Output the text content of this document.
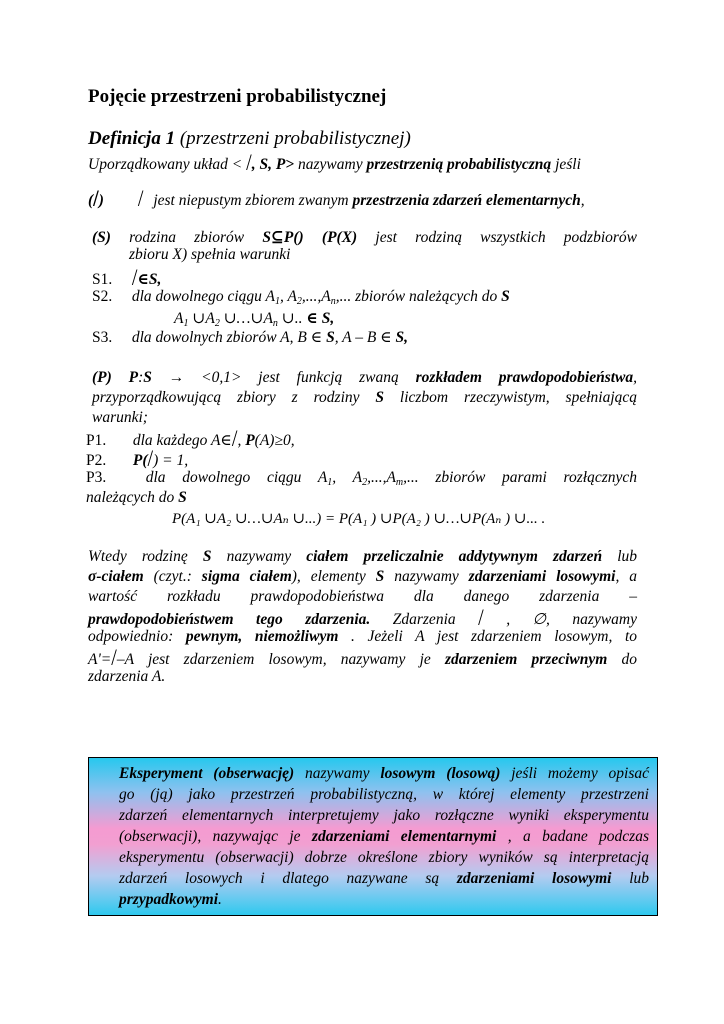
Pojęcie przestrzeni probabilistycznej
Definicja 1 (przestrzeni probabilistycznej)
Uporządkowany układ < /, S, P> nazywamy przestrzenią probabilistyczną jeśli
(/) / jest niepustym zbiorem zwanym przestrzenia zdarzeń elementarnych,
(S) rodzina zbiorów S⊆P() (P(X) jest rodziną wszystkich podzbiorów
zbioru X) spełnia warunki
S1. /∈S,
S2. dla dowolnego ciągu $A_1$, $A_2,...,A_n$,... zbiorów należących do S
$A_1$ $\cup A_2$ $\cup\dots\cup A_n$ ∪.. ∈ S,
S3. dla dowolnych zbiorów A, B ∈ S, A – B ∈ S,
(P) P:S → <0,1> jest funkcją zwaną rozkładem prawdopodobieństwa,
przyporządkowującą zbiory z rodziny S liczbom rzeczywistym, spełniającą
warunki;
P1. dla każdego A∈/, P(A)≥0,
P2. P(/) = 1,
P3.	dla dowolnego ciągu $A_1$, $A_2,...,A_m$,... zbiorów parami rozłącznych
należących do S
P(A₁ ∪A₂ ∪…∪Aₙ ∪...) = P(A₁ ) ∪P(A₂ ) ∪…∪P(Aₙ ) ∪... .
Wtedy rodzinę S nazywamy ciałem przeliczalnie addytywnym zdarzeń lub
σ-ciałem (czyt.: sigma ciałem), elementy S nazywamy zdarzeniami losowymi, a
wartość rozkładu prawdopodobieństwa dla danego zdarzenia –
prawdopodobieństwem tego zdarzenia. Zdarzenia / , ∅, nazywamy
odpowiednio: pewnym, niemożliwym . Jeżeli A jest zdarzeniem losowym, to
A'=/–A jest zdarzeniem losowym, nazywamy je zdarzeniem przeciwnym do
zdarzenia A.
Eksperyment (obserwację) nazywamy losowym (losową) jeśli możemy opisać
go (ją) jako przestrzeń probabilistyczną, w której elementy przestrzeni
zdarzeń elementarnych interpretujemy jako rozłączne wyniki eksperymentu
(obserwacji), nazywając je zdarzeniami elementarnymi , a badane podczas
eksperymentu (obserwacji) dobrze określone zbiory wyników są interpretacją
zdarzeń losowych i dlatego nazywane są zdarzeniami losowymi lub
przypadkowymi.
